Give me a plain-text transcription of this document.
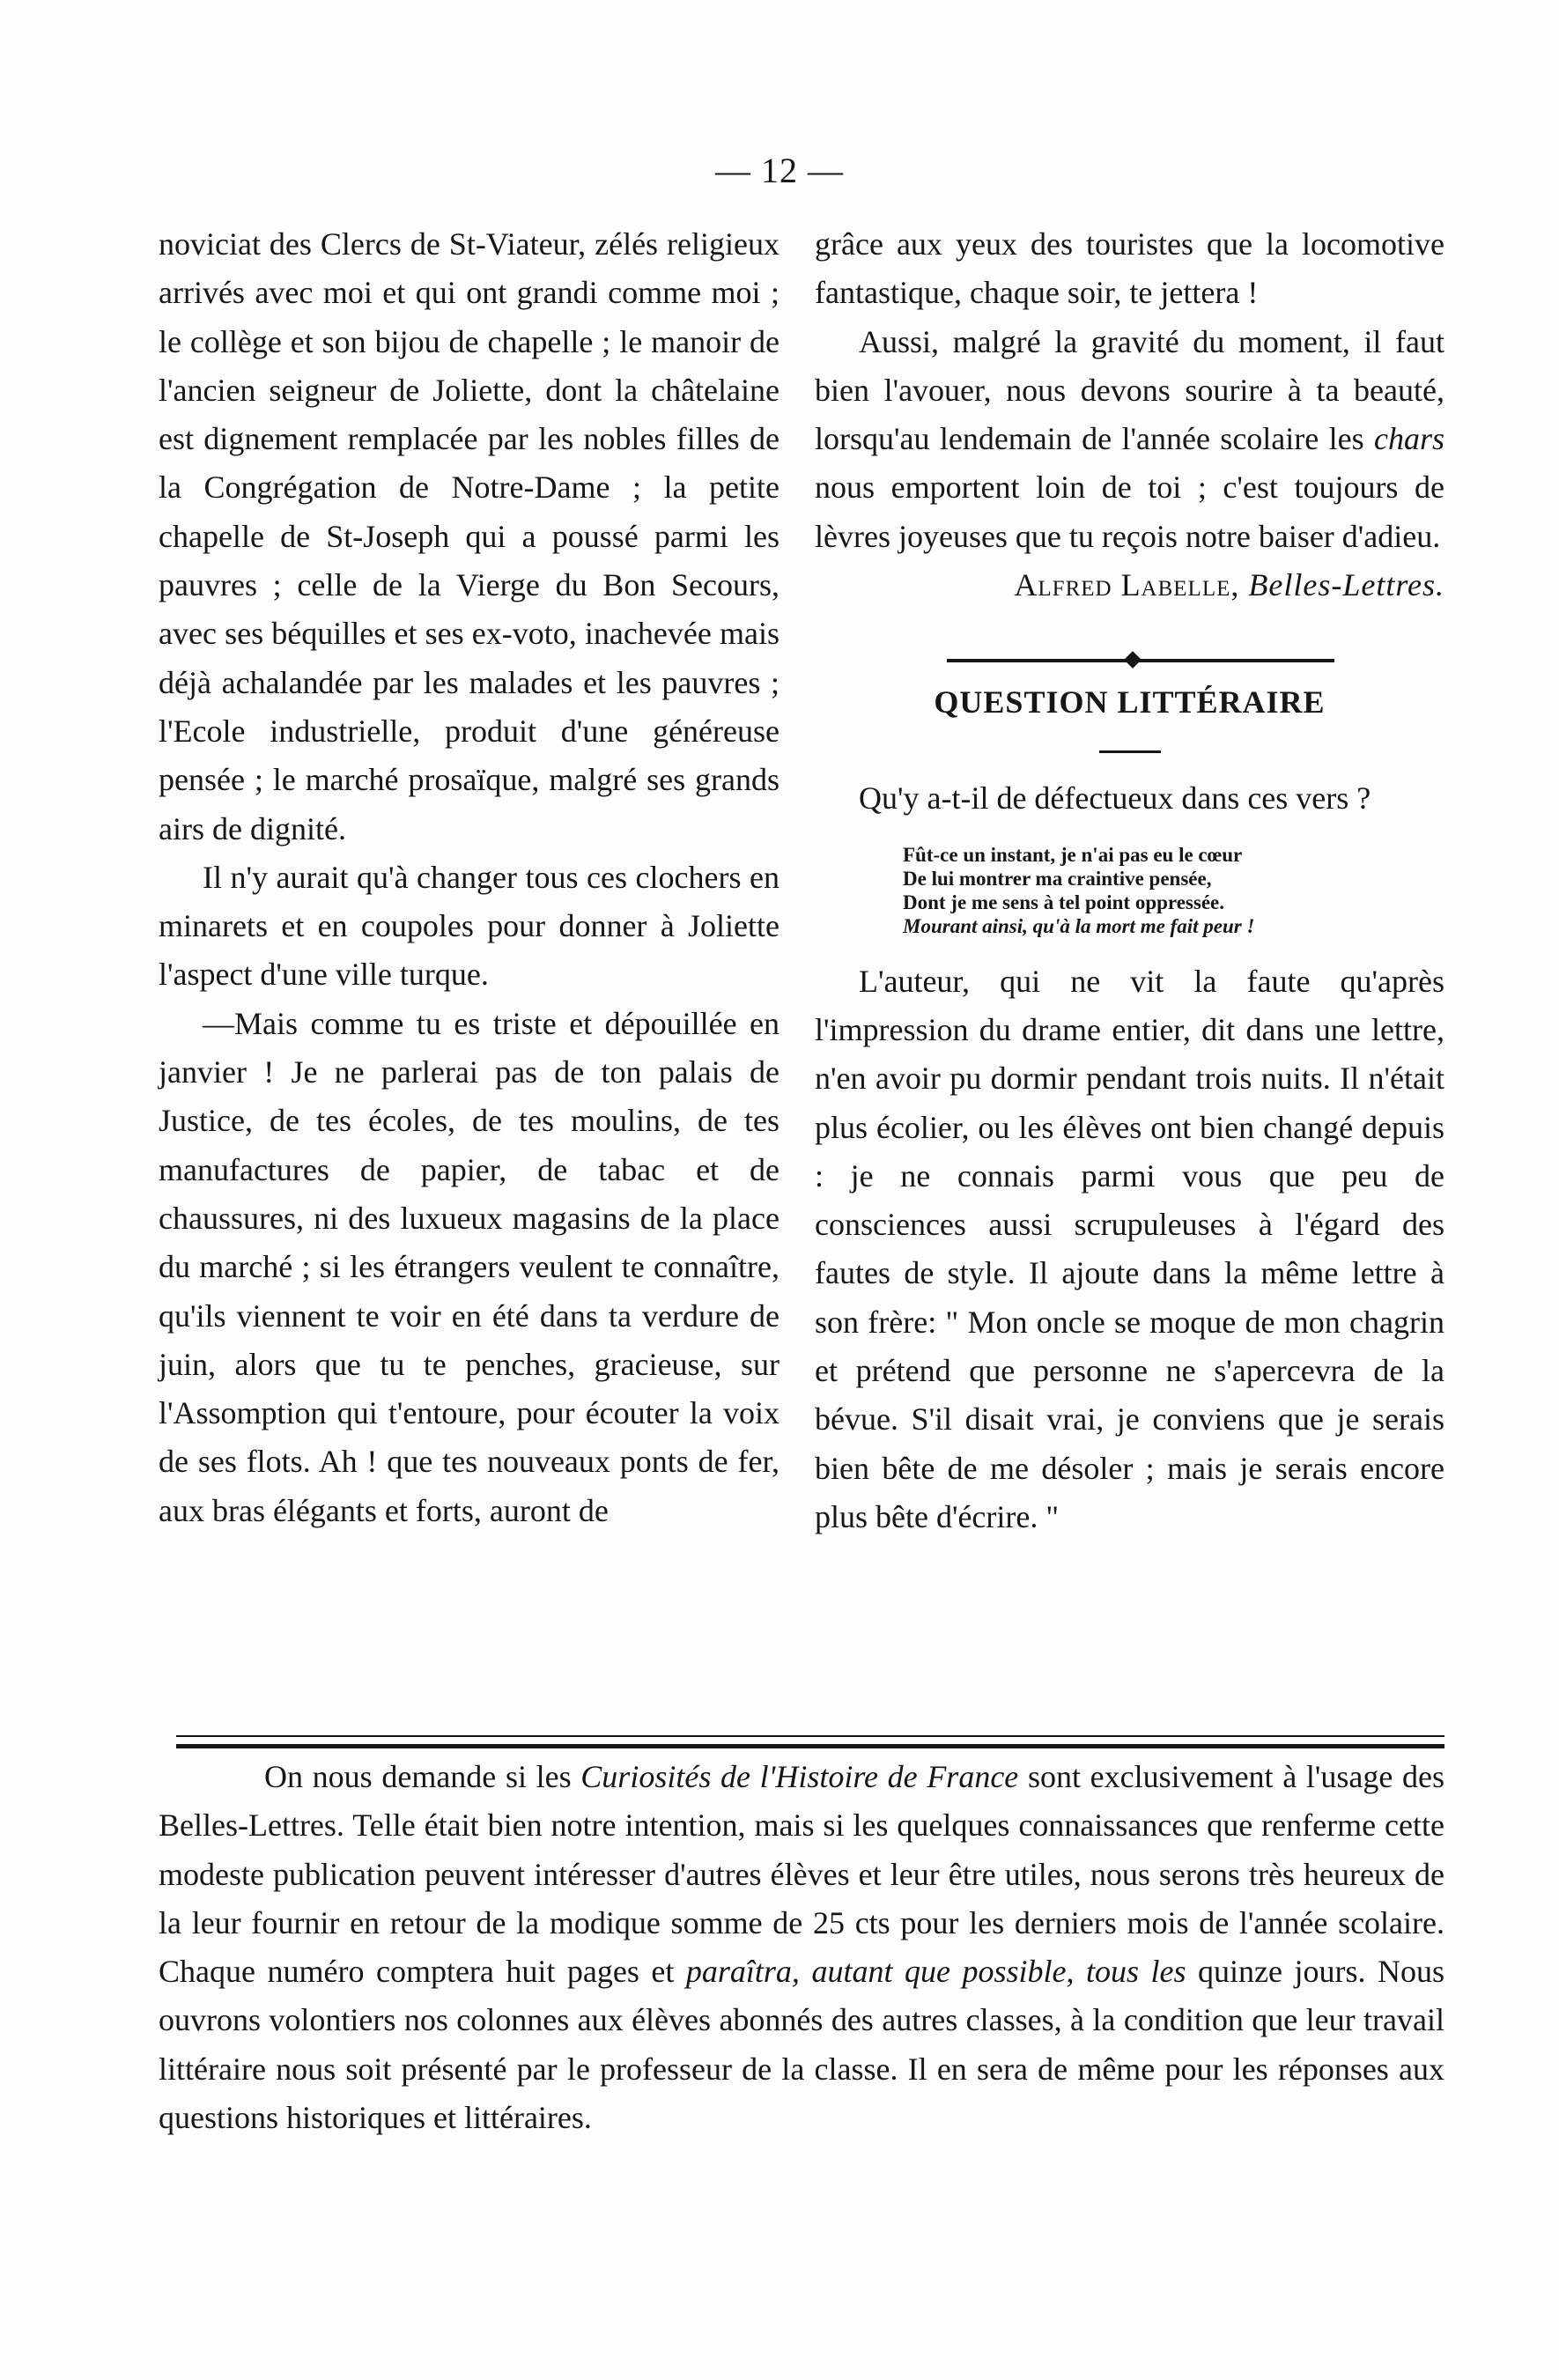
— 12 —

noviciat des Clercs de St-Viateur, zélés religieux arrivés avec moi et qui ont grandi comme moi ; le collège et son bijou de chapelle ; le manoir de l'ancien seigneur de Joliette, dont la châtelaine est dignement remplacée par les nobles filles de la Congrégation de Notre-Dame ; la petite chapelle de St-Joseph qui a poussé parmi les pauvres ; celle de la Vierge du Bon Secours, avec ses béquilles et ses ex-voto, inachevée mais déjà achalandée par les malades et les pauvres ; l'Ecole industrielle, produit d'une généreuse pensée ; le marché prosaïque, malgré ses grands airs de dignité.

Il n'y aurait qu'à changer tous ces clochers en minarets et en coupoles pour donner à Joliette l'aspect d'une ville turque.

—Mais comme tu es triste et dépouillée en janvier ! Je ne parlerai pas de ton palais de Justice, de tes écoles, de tes moulins, de tes manufactures de papier, de tabac et de chaussures, ni des luxueux magasins de la place du marché ; si les étrangers veulent te connaître, qu'ils viennent te voir en été dans ta verdure de juin, alors que tu te penches, gracieuse, sur l'Assomption qui t'entoure, pour écouter la voix de ses flots. Ah ! que tes nouveaux ponts de fer, aux bras élégants et forts, auront de

grâce aux yeux des touristes que la locomotive fantastique, chaque soir, te jettera !

Aussi, malgré la gravité du moment, il faut bien l'avouer, nous devons sourire à ta beauté, lorsqu'au lendemain de l'année scolaire les chars nous emportent loin de toi ; c'est toujours de lèvres joyeuses que tu reçois notre baiser d'adieu.

Alfred Labelle, Belles-Lettres.

QUESTION LITTÉRAIRE

Qu'y a-t-il de défectueux dans ces vers ?

Fût-ce un instant, je n'ai pas eu le cœur
De lui montrer ma craintive pensée,
Dont je me sens à tel point oppressée.
Mourant ainsi, qu'à la mort me fait peur !

L'auteur, qui ne vit la faute qu'après l'impression du drame entier, dit dans une lettre, n'en avoir pu dormir pendant trois nuits. Il n'était plus écolier, ou les élèves ont bien changé depuis : je ne connais parmi vous que peu de consciences aussi scrupuleuses à l'égard des fautes de style. Il ajoute dans la même lettre à son frère: " Mon oncle se moque de mon chagrin et prétend que personne ne s'apercevra de la bévue. S'il disait vrai, je conviens que je serais bien bête de me désoler ; mais je serais encore plus bête d'écrire. "

On nous demande si les Curiosités de l'Histoire de France sont exclusivement à l'usage des Belles-Lettres. Telle était bien notre intention, mais si les quelques connaissances que renferme cette modeste publication peuvent intéresser d'autres élèves et leur être utiles, nous serons très heureux de la leur fournir en retour de la modique somme de 25 cts pour les derniers mois de l'année scolaire. Chaque numéro comptera huit pages et paraîtra, autant que possible, tous les quinze jours. Nous ouvrons volontiers nos colonnes aux élèves abonnés des autres classes, à la condition que leur travail littéraire nous soit présenté par le professeur de la classe. Il en sera de même pour les réponses aux questions historiques et littéraires.
